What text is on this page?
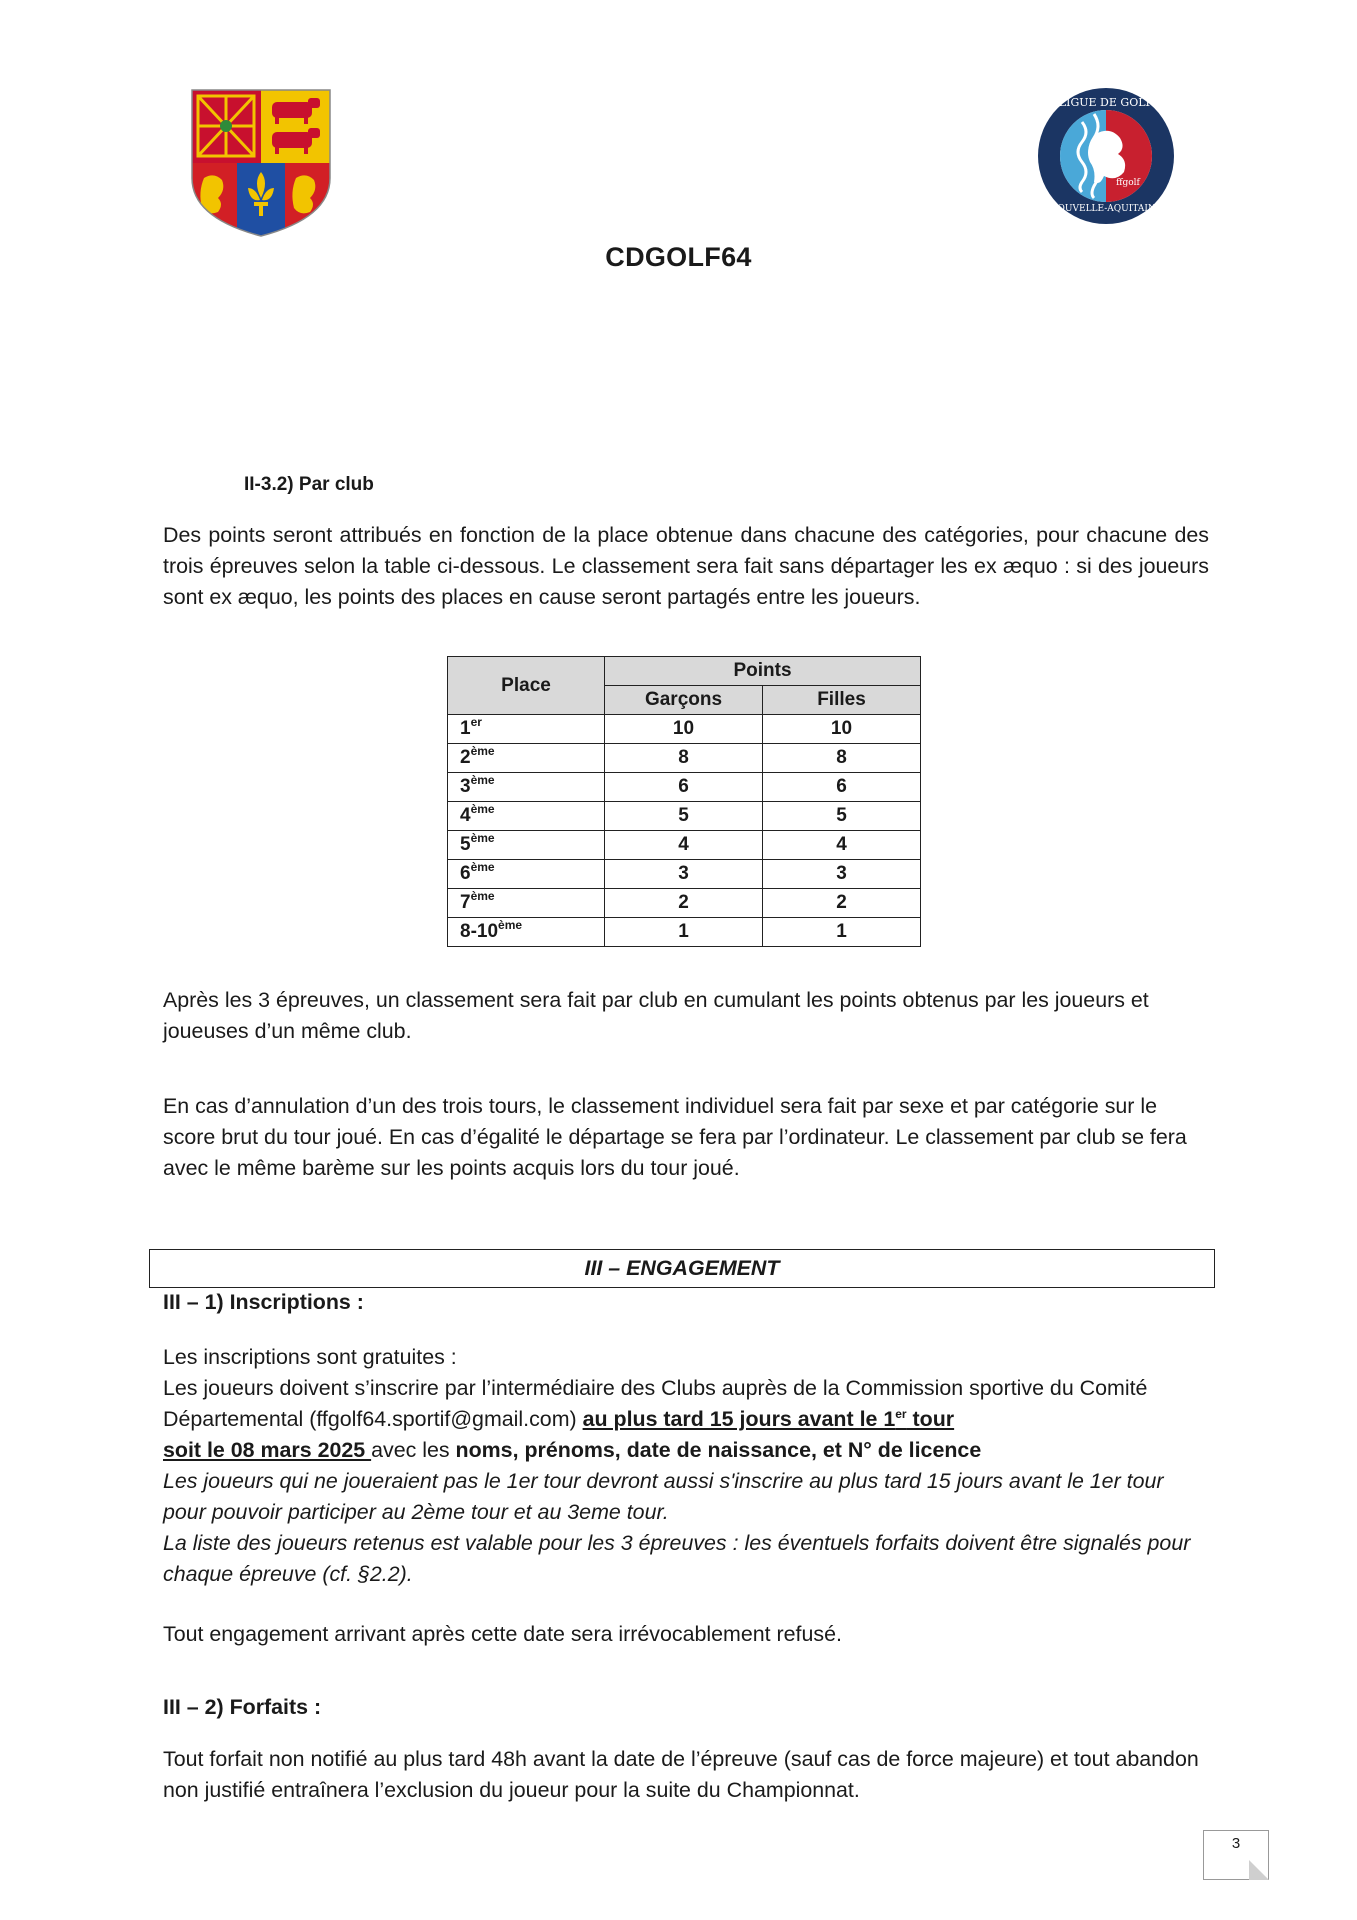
LIGUE DE GOLF
NOUVELLE-AQUITAINE
ffgolf
CDGOLF64
II-3.2) Par club
Des points seront attribués en fonction de la place obtenue dans chacune des catégories, pour chacune des trois épreuves selon la table ci-dessous. Le classement sera fait sans départager les ex æquo : si des joueurs sont ex æquo, les points des places en cause seront partagés entre les joueurs.
Place	Points	
	Garçons	Filles
1er	10	10
2ème	8	8
3ème	6	6
4ème	5	5
5ème	4	4
6ème	3	3
7ème	2	2
8-10ème	1	1
Après les 3 épreuves, un classement sera fait par club en cumulant les points obtenus par les joueurs et joueuses d’un même club.
En cas d’annulation d’un des trois tours, le classement individuel sera fait par sexe et par catégorie sur le score brut du tour joué. En cas d’égalité le départage se fera par l’ordinateur. Le classement par club se fera avec le même barème sur les points acquis lors du tour joué.
III – ENGAGEMENT
III – 1) Inscriptions :
Les inscriptions sont gratuites :
Les joueurs doivent s’inscrire par l’intermédiaire des Clubs auprès de la Commission sportive du Comité Départemental (ffgolf64.sportif@gmail.com) au plus tard 15 jours avant le 1er tour
soit le 08 mars 2025 avec les noms, prénoms, date de naissance, et N° de licence
Les joueurs qui ne joueraient pas le 1er tour devront aussi s'inscrire au plus tard 15 jours avant le 1er tour pour pouvoir participer au 2ème tour et au 3eme tour.
La liste des joueurs retenus est valable pour les 3 épreuves : les éventuels forfaits doivent être signalés pour chaque épreuve (cf. §2.2).
Tout engagement arrivant après cette date sera irrévocablement refusé.
III – 2) Forfaits :
Tout forfait non notifié au plus tard 48h avant la date de l’épreuve (sauf cas de force majeure) et tout abandon non justifié entraînera l’exclusion du joueur pour la suite du Championnat.
3
